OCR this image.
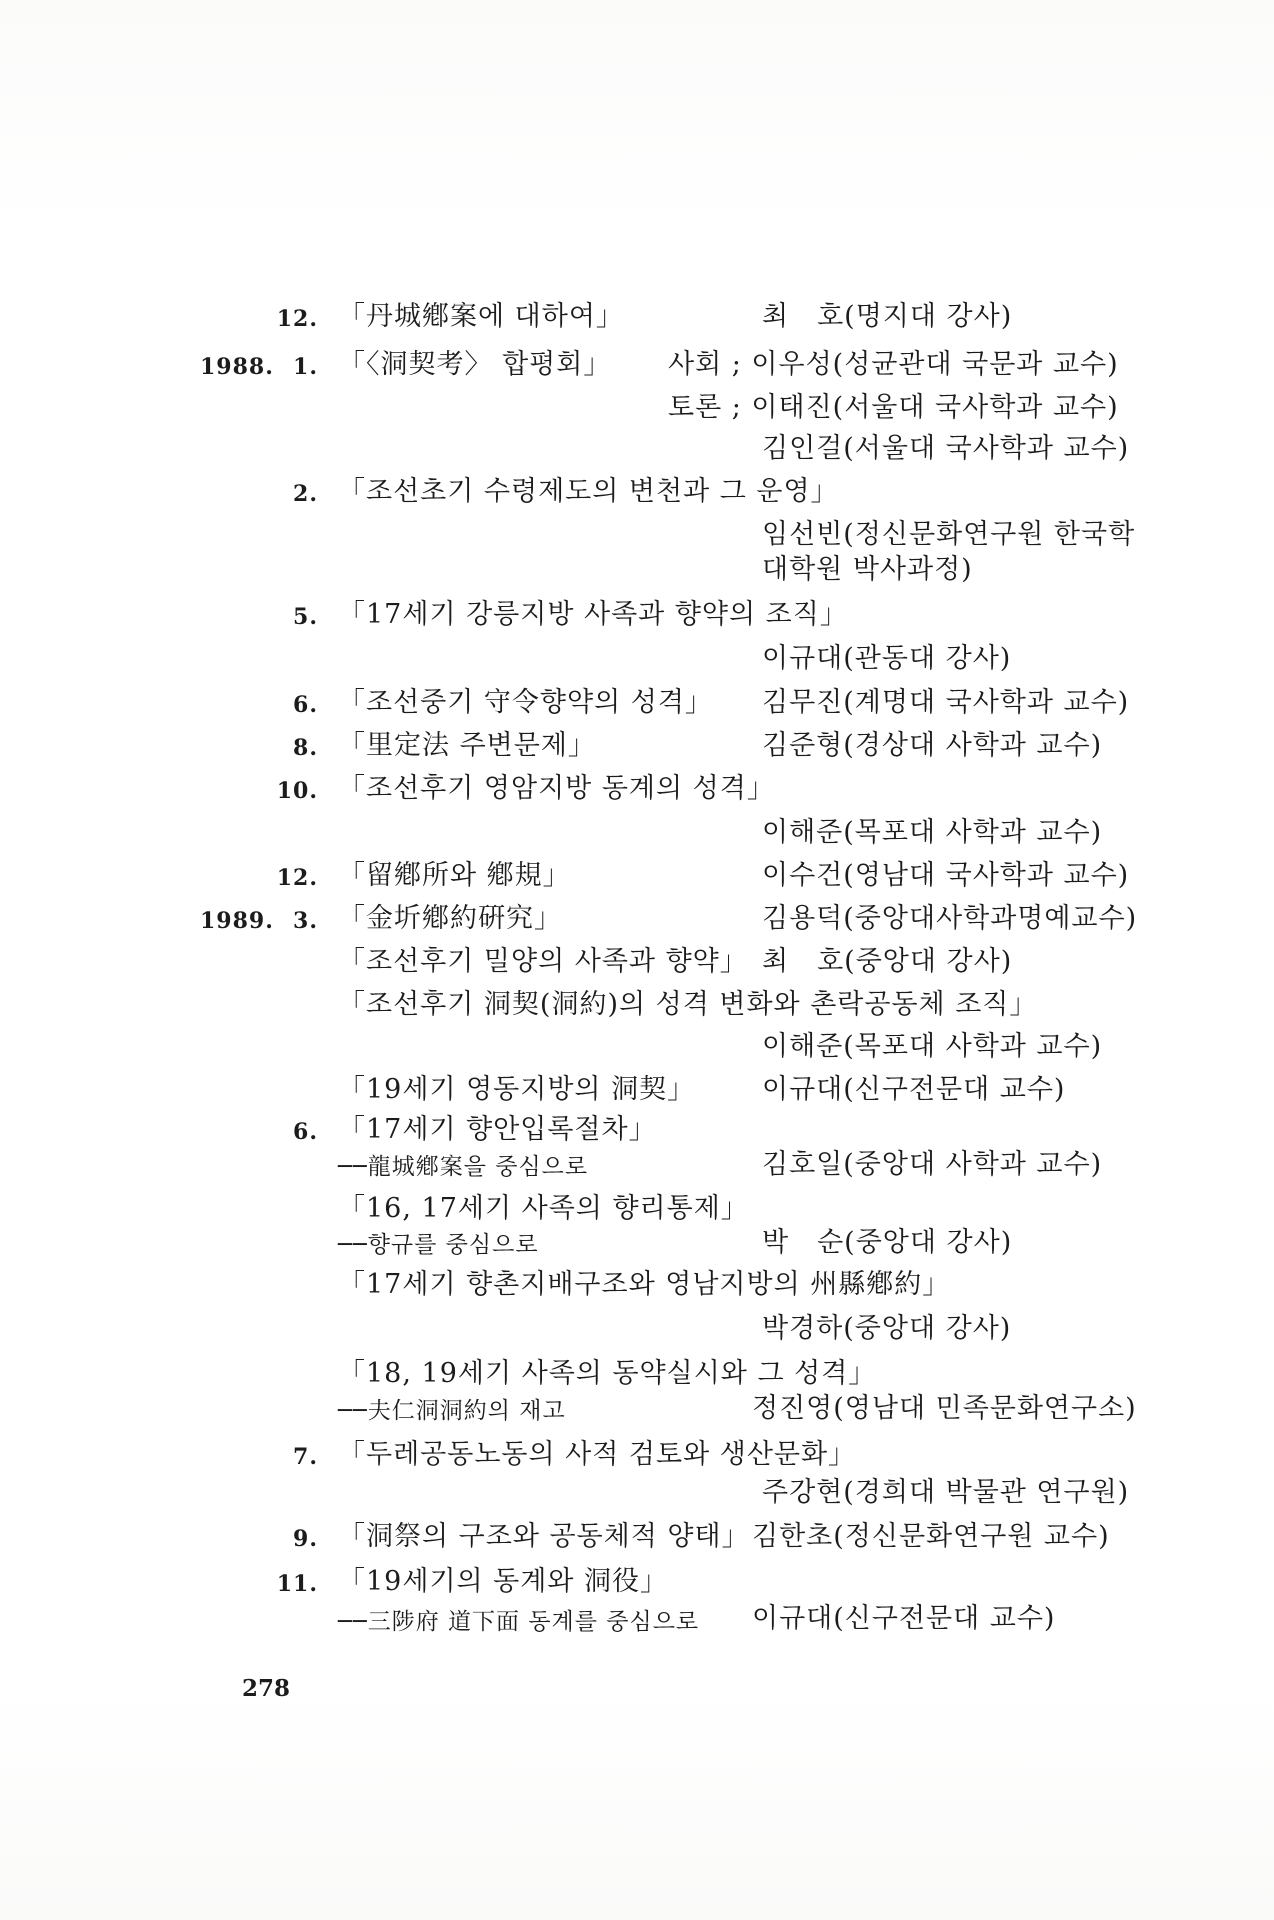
12. 「丹城鄕案에 대하여」	최　호(명지대 강사)
1988. 1. 「〈洞契考〉 합평회」 사회 ; 이우성(성균관대 국문과 교수)
토론 ; 이태진(서울대 국사학과 교수)
김인걸(서울대 국사학과 교수)
2. 「조선초기 수령제도의 변천과 그 운영」
임선빈(정신문화연구원 한국학
대학원 박사과정)
5. 「17세기 강릉지방 사족과 향약의 조직」
이규대(관동대 강사)
6. 「조선중기 守令향약의 성격」 김무진(계명대 국사학과 교수)
8. 「里定法 주변문제」	김준형(경상대 사학과 교수)
10. 「조선후기 영암지방 동계의 성격」
이해준(목포대 사학과 교수)
12. 「留鄕所와 鄕規」	이수건(영남대 국사학과 교수)
1989. 3. 「金圻鄕約硏究」	김용덕(중앙대사학과명예교수)
「조선후기 밀양의 사족과 향약」 최　호(중앙대 강사)
「조선후기 洞契(洞約)의 성격 변화와 촌락공동체 조직」
이해준(목포대 사학과 교수)
「19세기 영동지방의 洞契」 이규대(신구전문대 교수)
6. 「17세기 향안입록절차」
──龍城鄕案을 중심으로	김호일(중앙대 사학과 교수)
「16, 17세기 사족의 향리통제」
──향규를 중심으로	박　순(중앙대 강사)
「17세기 향촌지배구조와 영남지방의 州縣鄕約」
박경하(중앙대 강사)
「18, 19세기 사족의 동약실시와 그 성격」
──夫仁洞洞約의 재고	정진영(영남대 민족문화연구소)
7. 「두레공동노동의 사적 검토와 생산문화」
주강현(경희대 박물관 연구원)
9. 「洞祭의 구조와 공동체적 양태」 김한초(정신문화연구원 교수)
11. 「19세기의 동계와 洞役」
──三陟府 道下面 동계를 중심으로 이규대(신구전문대 교수)
278
